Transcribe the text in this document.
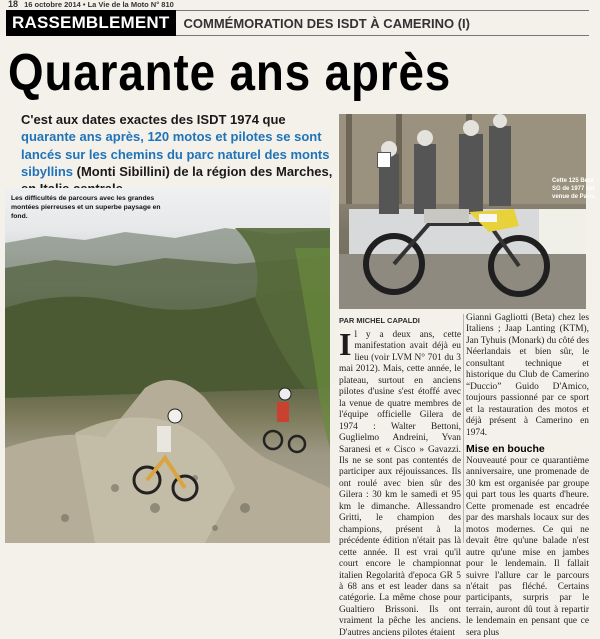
18 16 octobre 2014 • La Vie de la Moto N° 810
RASSEMBLEMENT	COMMÉMORATION DES ISDT À CAMERINO (I)
Quarante ans après
C'est aux dates exactes des ISDT 1974 que quarante ans après, 120 motos et pilotes se sont lancés sur les chemins du parc naturel des monts sibyllins (Monti Sibillini) de la région des Marches,
Les difficultés de parcours avec les grandes montées pierreuses et un superbe paysage en fond.
Cette 125 Beta SG de 1977 est venue de Paris.
PAR MICHEL CAPALDI
Il y a deux ans, cette manifestation avait déjà eu lieu (voir LVM N° 701 du 3 mai 2012). Mais, cette année, le plateau, surtout en anciens pilotes d'usine s'est étoffé avec la venue de quatre membres de l'équipe officielle Gilera de 1974 : Walter Bettoni, Guglielmo Andreini, Yvan Saranesi et « Cisco » Gavazzi. Ils ne se sont pas contentés de participer aux réjouissances. Ils ont roulé avec bien sûr des Gilera : 30 km le samedi et 95 km le dimanche. Allessandro Gritti, le champion des champions, présent à la précédente édition n'était pas là cette année. Il est vrai qu'il court encore le championnat italien Regolarità d'epoca GR 5 à 68 ans et est leader dans sa catégorie. La même chose pour Gualtiero Brissoni. Ils ont vraiment la pêche les anciens. D'autres anciens pilotes étaient
Gianni Gagliotti (Beta) chez les Italiens ; Jaap Lanting (KTM), Jan Tyhuis (Monark) du côté des Néerlandais et bien sûr, le consultant technique et historique du Club de Camerino “Duccio” Guido D'Amico, toujours passionné par ce sport et la restauration des motos et déjà présent à Camerino en 1974.
Mise en bouche
Nouveauté pour ce quarantième anniversaire, une promenade de 30 km est organisée par groupe qui part tous les quarts d'heure. Cette promenade est encadrée par des marshals locaux sur des motos modernes. Ce qui ne devait être qu'une balade n'est autre qu'une mise en jambes pour le lendemain. Il fallait suivre l'allure car le parcours n'était pas fléché. Certains participants, surpris par le terrain, auront dû tout à repartir le lendemain en pensant que ce sera plus
